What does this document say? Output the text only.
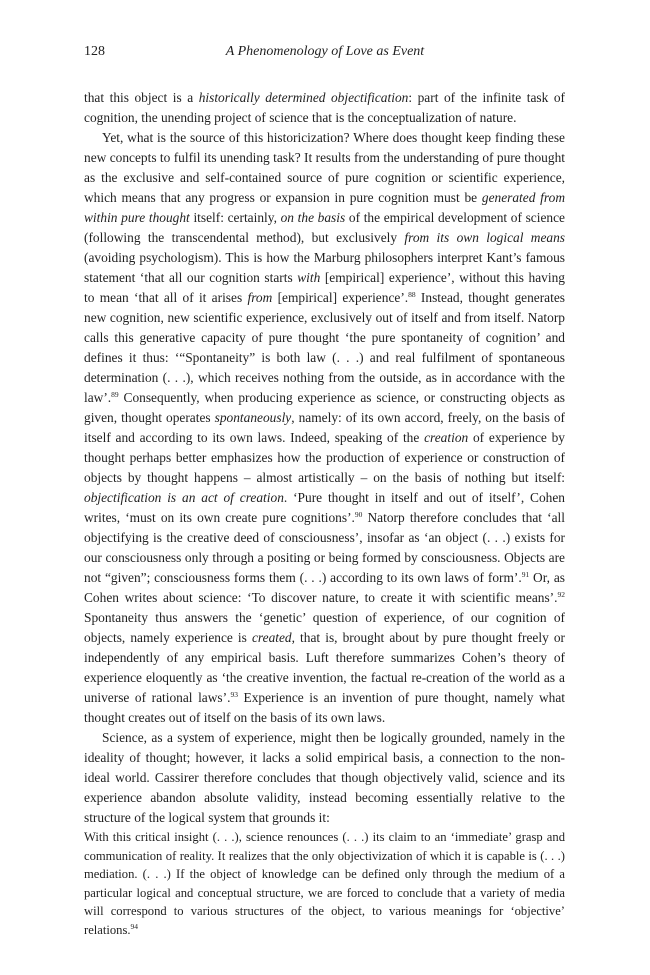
128	A Phenomenology of Love as Event

that this object is a historically determined objectification: part of the infinite task of cognition, the unending project of science that is the conceptualization of nature.

Yet, what is the source of this historicization? Where does thought keep finding these new concepts to fulfil its unending task? It results from the understanding of pure thought as the exclusive and self-contained source of pure cognition or scientific experience, which means that any progress or expansion in pure cognition must be generated from within pure thought itself: certainly, on the basis of the empirical development of science (following the transcendental method), but exclusively from its own logical means (avoiding psychologism). This is how the Marburg philosophers interpret Kant’s famous statement ‘that all our cognition starts with [empirical] experience’, without this having to mean ‘that all of it arises from [empirical] experience’.$^{88}$ Instead, thought generates new cognition, new scientific experience, exclusively out of itself and from itself. Natorp calls this generative capacity of pure thought ‘the pure spontaneity of cognition’ and defines it thus: ‘“Spontaneity” is both law (. . .) and real fulfilment of spontaneous determination (. . .), which receives nothing from the outside, as in accordance with the law’.$^{89}$ Consequently, when producing experience as science, or constructing objects as given, thought operates spontaneously, namely: of its own accord, freely, on the basis of itself and according to its own laws. Indeed, speaking of the creation of experience by thought perhaps better emphasizes how the production of experience or construction of objects by thought happens – almost artistically – on the basis of nothing but itself: objectification is an act of creation. ‘Pure thought in itself and out of itself’, Cohen writes, ‘must on its own create pure cognitions’.$^{90}$ Natorp therefore concludes that ‘all objectifying is the creative deed of consciousness’, insofar as ‘an object (. . .) exists for our consciousness only through a positing or being formed by consciousness. Objects are not “given”; consciousness forms them (. . .) according to its own laws of form’.$^{91}$ Or, as Cohen writes about science: ‘To discover nature, to create it with scientific means’.$^{92}$ Spontaneity thus answers the ‘genetic’ question of experience, of our cognition of objects, namely experience is created, that is, brought about by pure thought freely or independently of any empirical basis. Luft therefore summarizes Cohen’s theory of experience eloquently as ‘the creative invention, the factual re-creation of the world as a universe of rational laws’.$^{93}$ Experience is an invention of pure thought, namely what thought creates out of itself on the basis of its own laws.

Science, as a system of experience, might then be logically grounded, namely in the ideality of thought; however, it lacks a solid empirical basis, a connection to the non-ideal world. Cassirer therefore concludes that though objectively valid, science and its experience abandon absolute validity, instead becoming essentially relative to the structure of the logical system that grounds it:

With this critical insight (. . .), science renounces (. . .) its claim to an ‘immediate’ grasp and communication of reality. It realizes that the only objectivization of which it is capable is (. . .) mediation. (. . .) If the object of knowledge can be defined only through the medium of a particular logical and conceptual structure, we are forced to conclude that a variety of media will correspond to various structures of the object, to various meanings for ‘objective’ relations.$^{94}$
